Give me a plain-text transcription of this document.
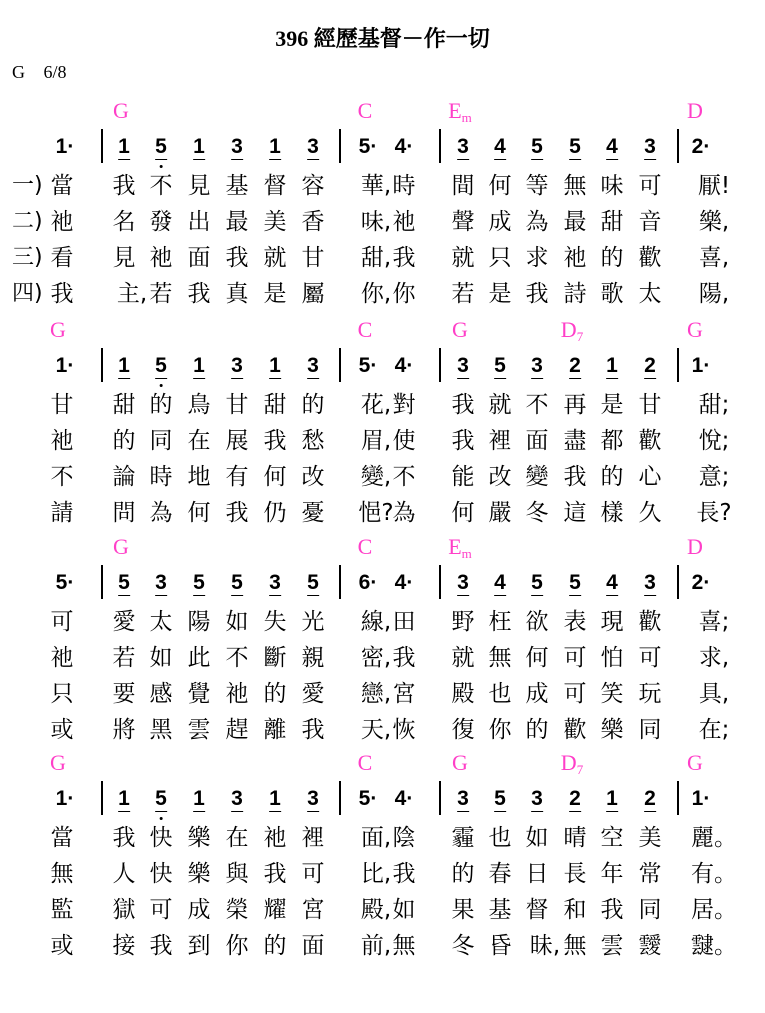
396 經歷基督－作一切
G 6/8
G	C	$E_m$	D
1· 1 5 1 3 1 3 5· 4· 3 4 5 5 4 3 2·
一) 當 我 不 見 基 督 容 華, 時 間 何 等 無 味 可 厭!
二) 祂 名 發 出 最 美 香 味, 祂 聲 成 為 最 甜 音 樂,
三) 看 見 祂 面 我 就 甘 甜, 我 就 只 求 祂 的 歡 喜,
四) 我 主, 若 我 真 是 屬 你, 你 若 是 我 詩 歌 太 陽,
G	C	G	$D_7$	G
1· 1 5 1 3 1 3 5· 4· 3 5 3 2 1 2 1·
甘 甜 的 鳥 甘 甜 的 花, 對 我 就 不 再 是 甘 甜;
祂 的 同 在 展 我 愁 眉, 使 我 裡 面 盡 都 歡 悅;
不 論 時 地 有 何 改 變, 不 能 改 變 我 的 心 意;
請 問 為 何 我 仍 憂 悒?
為 何 嚴 冬 這 樣 久 長?
G	C	$E_m$	D
5· 5 3 5 5 3 5 6· 4· 3 4 5 5 4 3 2·
可 愛 太 陽 如 失 光 線, 田 野 枉 欲 表 現 歡 喜;
祂 若 如 此 不 斷 親 密, 我 就 無 何 可 怕 可 求,
只 要 感 覺 祂 的 愛 戀, 宮 殿 也 成 可 笑 玩 具,
或 將 黑 雲 趕 離 我 天, 恢 復 你 的 歡 樂 同 在;
G	C	G	$D_7$	G
1· 1 5 1 3 1 3 5· 4· 3 5 3 2 1 2 1·
當 我 快 樂 在 祂 裡 面, 陰 霾 也 如 晴 空 美 麗。
無 人 快 樂 與 我 可 比, 我 的 春 日 長 年 常 有。
監 獄 可 成 榮 耀 宮 殿, 如 果 基 督 和 我 同 居。
或 接 我 到 你 的 面 前, 無 冬 昏 昧, 無 雲 靉 靆。
